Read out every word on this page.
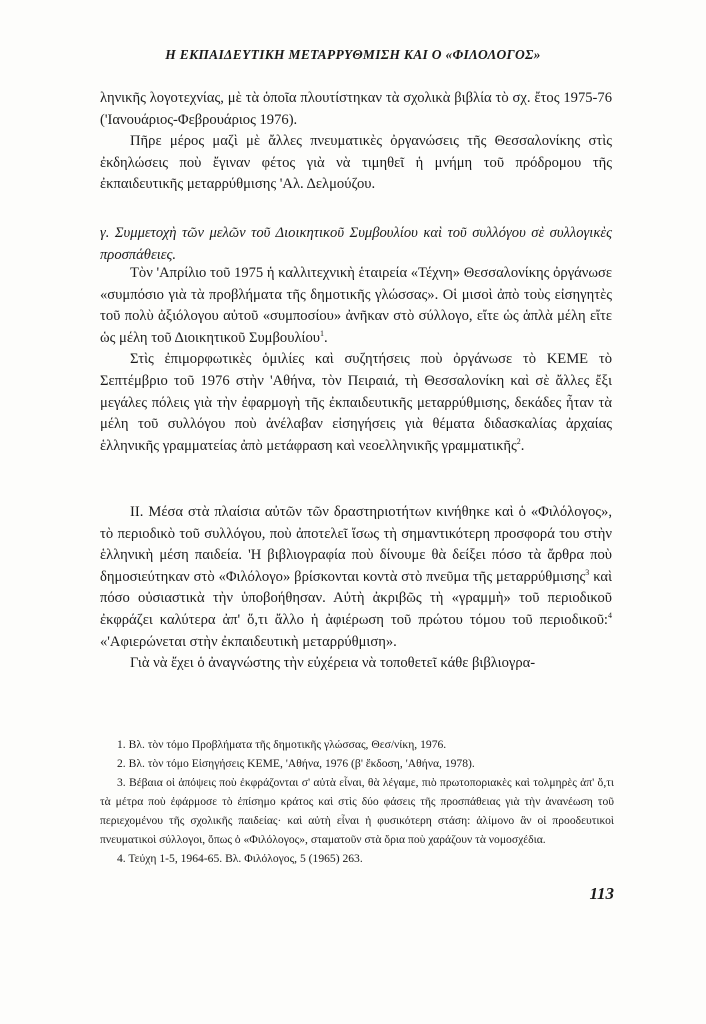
Η ΕΚΠΑΙΔΕΥΤΙΚΗ ΜΕΤΑΡΡΥΘΜΙΣΗ ΚΑΙ Ο «ΦΙΛΟΛΟΓΟΣ»

ληνικῆς λογοτεχνίας, μὲ τὰ ὁποῖα πλουτίστηκαν τὰ σχολικὰ βιβλία τὸ σχ. ἔτος 1975-76 ('Ιανουάριος-Φεβρουάριος 1976).

Πῆρε μέρος μαζὶ μὲ ἄλλες πνευματικὲς ὀργανώσεις τῆς Θεσσαλονίκης στὶς ἐκδηλώσεις ποὺ ἔγιναν φέτος γιὰ νὰ τιμηθεῖ ἡ μνήμη τοῦ πρόδρομου τῆς ἐκπαιδευτικῆς μεταρρύθμισης 'Αλ. Δελμούζου.

γ. Συμμετοχὴ τῶν μελῶν τοῦ Διοικητικοῦ Συμβουλίου καὶ τοῦ συλλόγου σὲ συλλογικὲς προσπάθειες.

Τὸν 'Απρίλιο τοῦ 1975 ἡ καλλιτεχνικὴ ἑταιρεία «Τέχνη» Θεσσαλονίκης ὀργάνωσε «συμπόσιο γιὰ τὰ προβλήματα τῆς δημοτικῆς γλώσσας». Οἱ μισοὶ ἀπὸ τοὺς εἰσηγητὲς τοῦ πολὺ ἀξιόλογου αὐτοῦ «συμποσίου» ἀνῆκαν στὸ σύλλογο, εἴτε ὡς ἁπλὰ μέλη εἴτε ὡς μέλη τοῦ Διοικητικοῦ Συμβουλίου$^1$.

Στὶς ἐπιμορφωτικὲς ὁμιλίες καὶ συζητήσεις ποὺ ὀργάνωσε τὸ ΚΕΜΕ τὸ Σεπτέμβριο τοῦ 1976 στὴν 'Αθήνα, τὸν Πειραιά, τὴ Θεσσαλονίκη καὶ σὲ ἄλλες ἔξι μεγάλες πόλεις γιὰ τὴν ἐφαρμογὴ τῆς ἐκπαιδευτικῆς μεταρρύθμισης, δεκάδες ἦταν τὰ μέλη τοῦ συλλόγου ποὺ ἀνέλαβαν εἰσηγήσεις γιὰ θέματα διδασκαλίας ἀρχαίας ἑλληνικῆς γραμματείας ἀπὸ μετάφραση καὶ νεοελληνικῆς γραμματικῆς$^2$.

II. Μέσα στὰ πλαίσια αὐτῶν τῶν δραστηριοτήτων κινήθηκε καὶ ὁ «Φιλόλογος», τὸ περιοδικὸ τοῦ συλλόγου, ποὺ ἀποτελεῖ ἴσως τὴ σημαντικότερη προσφορά του στὴν ἑλληνικὴ μέση παιδεία. 'Η βιβλιογραφία ποὺ δίνουμε θὰ δείξει πόσο τὰ ἄρθρα ποὺ δημοσιεύτηκαν στὸ «Φιλόλογο» βρίσκονται κοντὰ στὸ πνεῦμα τῆς μεταρρύθμισης$^3$ καὶ πόσο οὐσιαστικὰ τὴν ὑποβοήθησαν. Αὐτὴ ἀκριβῶς τὴ «γραμμὴ» τοῦ περιοδικοῦ ἐκφράζει καλύτερα ἀπ' ὅ,τι ἄλλο ἡ ἀφιέρωση τοῦ πρώτου τόμου τοῦ περιοδικοῦ:$^4$ «'Αφιερώνεται στὴν ἐκπαιδευτικὴ μεταρρύθμιση».

Γιὰ νὰ ἔχει ὁ ἀναγνώστης τὴν εὐχέρεια νὰ τοποθετεῖ κάθε βιβλιογρα-

1. Βλ. τὸν τόμο Προβλήματα τῆς δημοτικῆς γλώσσας, Θεσ/νίκη, 1976.

2. Βλ. τὸν τόμο Εἰσηγήσεις ΚΕΜΕ, 'Αθήνα, 1976 (β' ἔκδοση, 'Αθήνα, 1978).

3. Βέβαια οἱ ἀπόψεις ποὺ ἐκφράζονται σ' αὐτὰ εἶναι, θὰ λέγαμε, πιὸ πρωτοποριακὲς καὶ τολμηρὲς ἀπ' ὅ,τι τὰ μέτρα ποὺ ἐφάρμοσε τὸ ἐπίσημο κράτος καὶ στὶς δύο φάσεις τῆς προσπάθειας γιὰ τὴν ἀνανέωση τοῦ περιεχομένου τῆς σχολικῆς παιδείας· καὶ αὐτὴ εἶναι ἡ φυσικότερη στάση: ἀλίμονο ἂν οἱ προοδευτικοὶ πνευματικοὶ σύλλογοι, ὅπως ὁ «Φιλόλογος», σταματοῦν στὰ ὅρια ποὺ χαράζουν τὰ νομοσχέδια.

4. Τεύχη 1-5, 1964-65. Βλ. Φιλόλογος, 5 (1965) 263.

113
